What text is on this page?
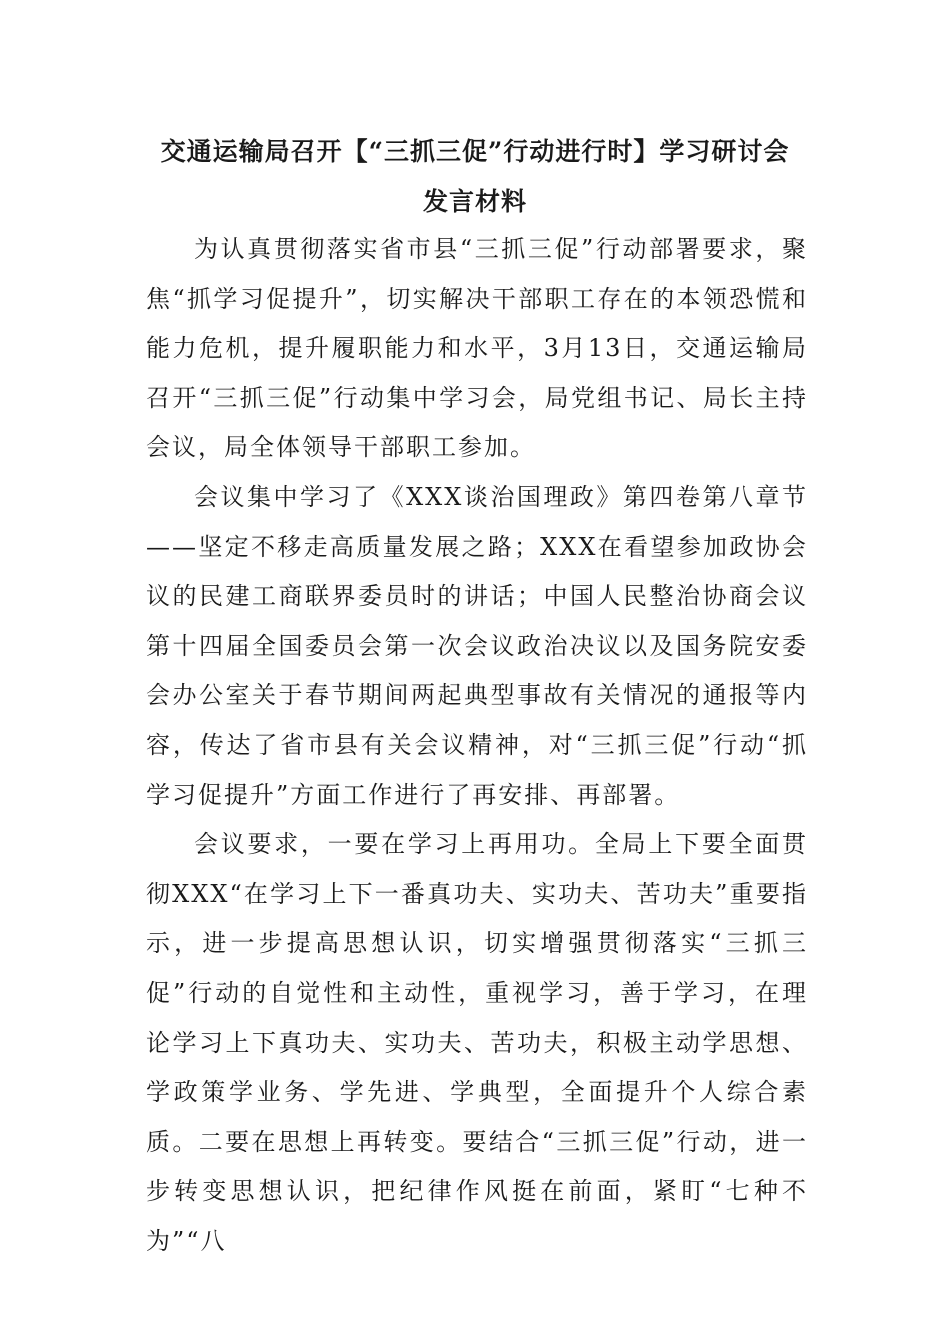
交通运输局召开【“三抓三促”行动进行时】学习研讨会
发言材料

为认真贯彻落实省市县“三抓三促”行动部署要求，聚焦“抓学习促提升”，切实解决干部职工存在的本领恐慌和能力危机，提升履职能力和水平，3月13日，交通运输局召开“三抓三促”行动集中学习会，局党组书记、局长主持会议，局全体领导干部职工参加。

会议集中学习了《XXX谈治国理政》第四卷第八章节——坚定不移走高质量发展之路；XXX在看望参加政协会议的民建工商联界委员时的讲话；中国人民整治协商会议第十四届全国委员会第一次会议政治决议以及国务院安委会办公室关于春节期间两起典型事故有关情况的通报等内容，传达了省市县有关会议精神，对“三抓三促”行动“抓学习促提升”方面工作进行了再安排、再部署。

会议要求，一要在学习上再用功。全局上下要全面贯彻XXX“在学习上下一番真功夫、实功夫、苦功夫”重要指示，进一步提高思想认识，切实增强贯彻落实“三抓三促”行动的自觉性和主动性，重视学习，善于学习，在理论学习上下真功夫、实功夫、苦功夫，积极主动学思想、学政策学业务、学先进、学典型，全面提升个人综合素质。二要在思想上再转变。要结合“三抓三促”行动，进一步转变思想认识，把纪律作风挺在前面，紧盯“七种不为”“八
